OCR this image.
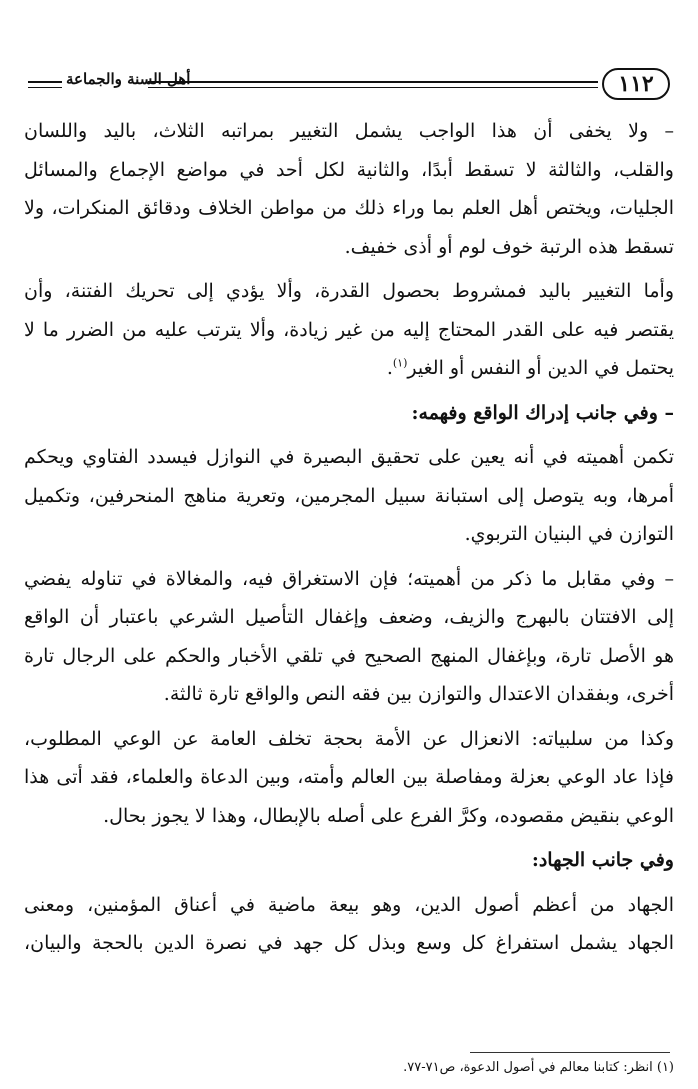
١١٢
أهل السنة والجماعة
– ولا يخفى أن هذا الواجب يشمل التغيير بمراتبه الثلاث، باليد واللسان
والقلب، والثالثة لا تسقط أبدًا، والثانية لكل أحد في مواضع الإجماع والمسائل
الجليات، ويختص أهل العلم بما وراء ذلك من مواطن الخلاف ودقائق المنكرات، ولا
تسقط هذه الرتبة خوف لوم أو أذى خفيف.
وأما التغيير باليد فمشروط بحصول القدرة، وألا يؤدي إلى تحريك الفتنة، وأن
يقتصر فيه على القدر المحتاج إليه من غير زيادة، وألا يترتب عليه من الضرر ما لا
يحتمل في الدين أو النفس أو الغير$^{(١)}$.
– وفي جانب إدراك الواقع وفهمه:
تكمن أهميته في أنه يعين على تحقيق البصيرة في النوازل فيسدد الفتاوي ويحكم
أمرها، وبه يتوصل إلى استبانة سبيل المجرمين، وتعرية مناهج المنحرفين، وتكميل
التوازن في البنيان التربوي.
– وفي مقابل ما ذكر من أهميته؛ فإن الاستغراق فيه، والمغالاة في تناوله يفضي
إلى الافتتان بالبهرج والزيف، وضعف وإغفال التأصيل الشرعي باعتبار أن الواقع
هو الأصل تارة، وبإغفال المنهج الصحيح في تلقي الأخبار والحكم على الرجال تارة
أخرى، وبفقدان الاعتدال والتوازن بين فقه النص والواقع تارة ثالثة.
وكذا من سلبياته: الانعزال عن الأمة بحجة تخلف العامة عن الوعي المطلوب،
فإذا عاد الوعي بعزلة ومفاصلة بين العالم وأمته، وبين الدعاة والعلماء، فقد أتى هذا
الوعي بنقيض مقصوده، وكرَّ الفرع على أصله بالإبطال، وهذا لا يجوز بحال.
وفي جانب الجهاد:
الجهاد من أعظم أصول الدين، وهو بيعة ماضية في أعناق المؤمنين، ومعنى
الجهاد يشمل استفراغ كل وسع وبذل كل جهد في نصرة الدين بالحجة والبيان،
(١) انظر: كتابنا معالم في أصول الدعوة، ص٧١-٧٧.
